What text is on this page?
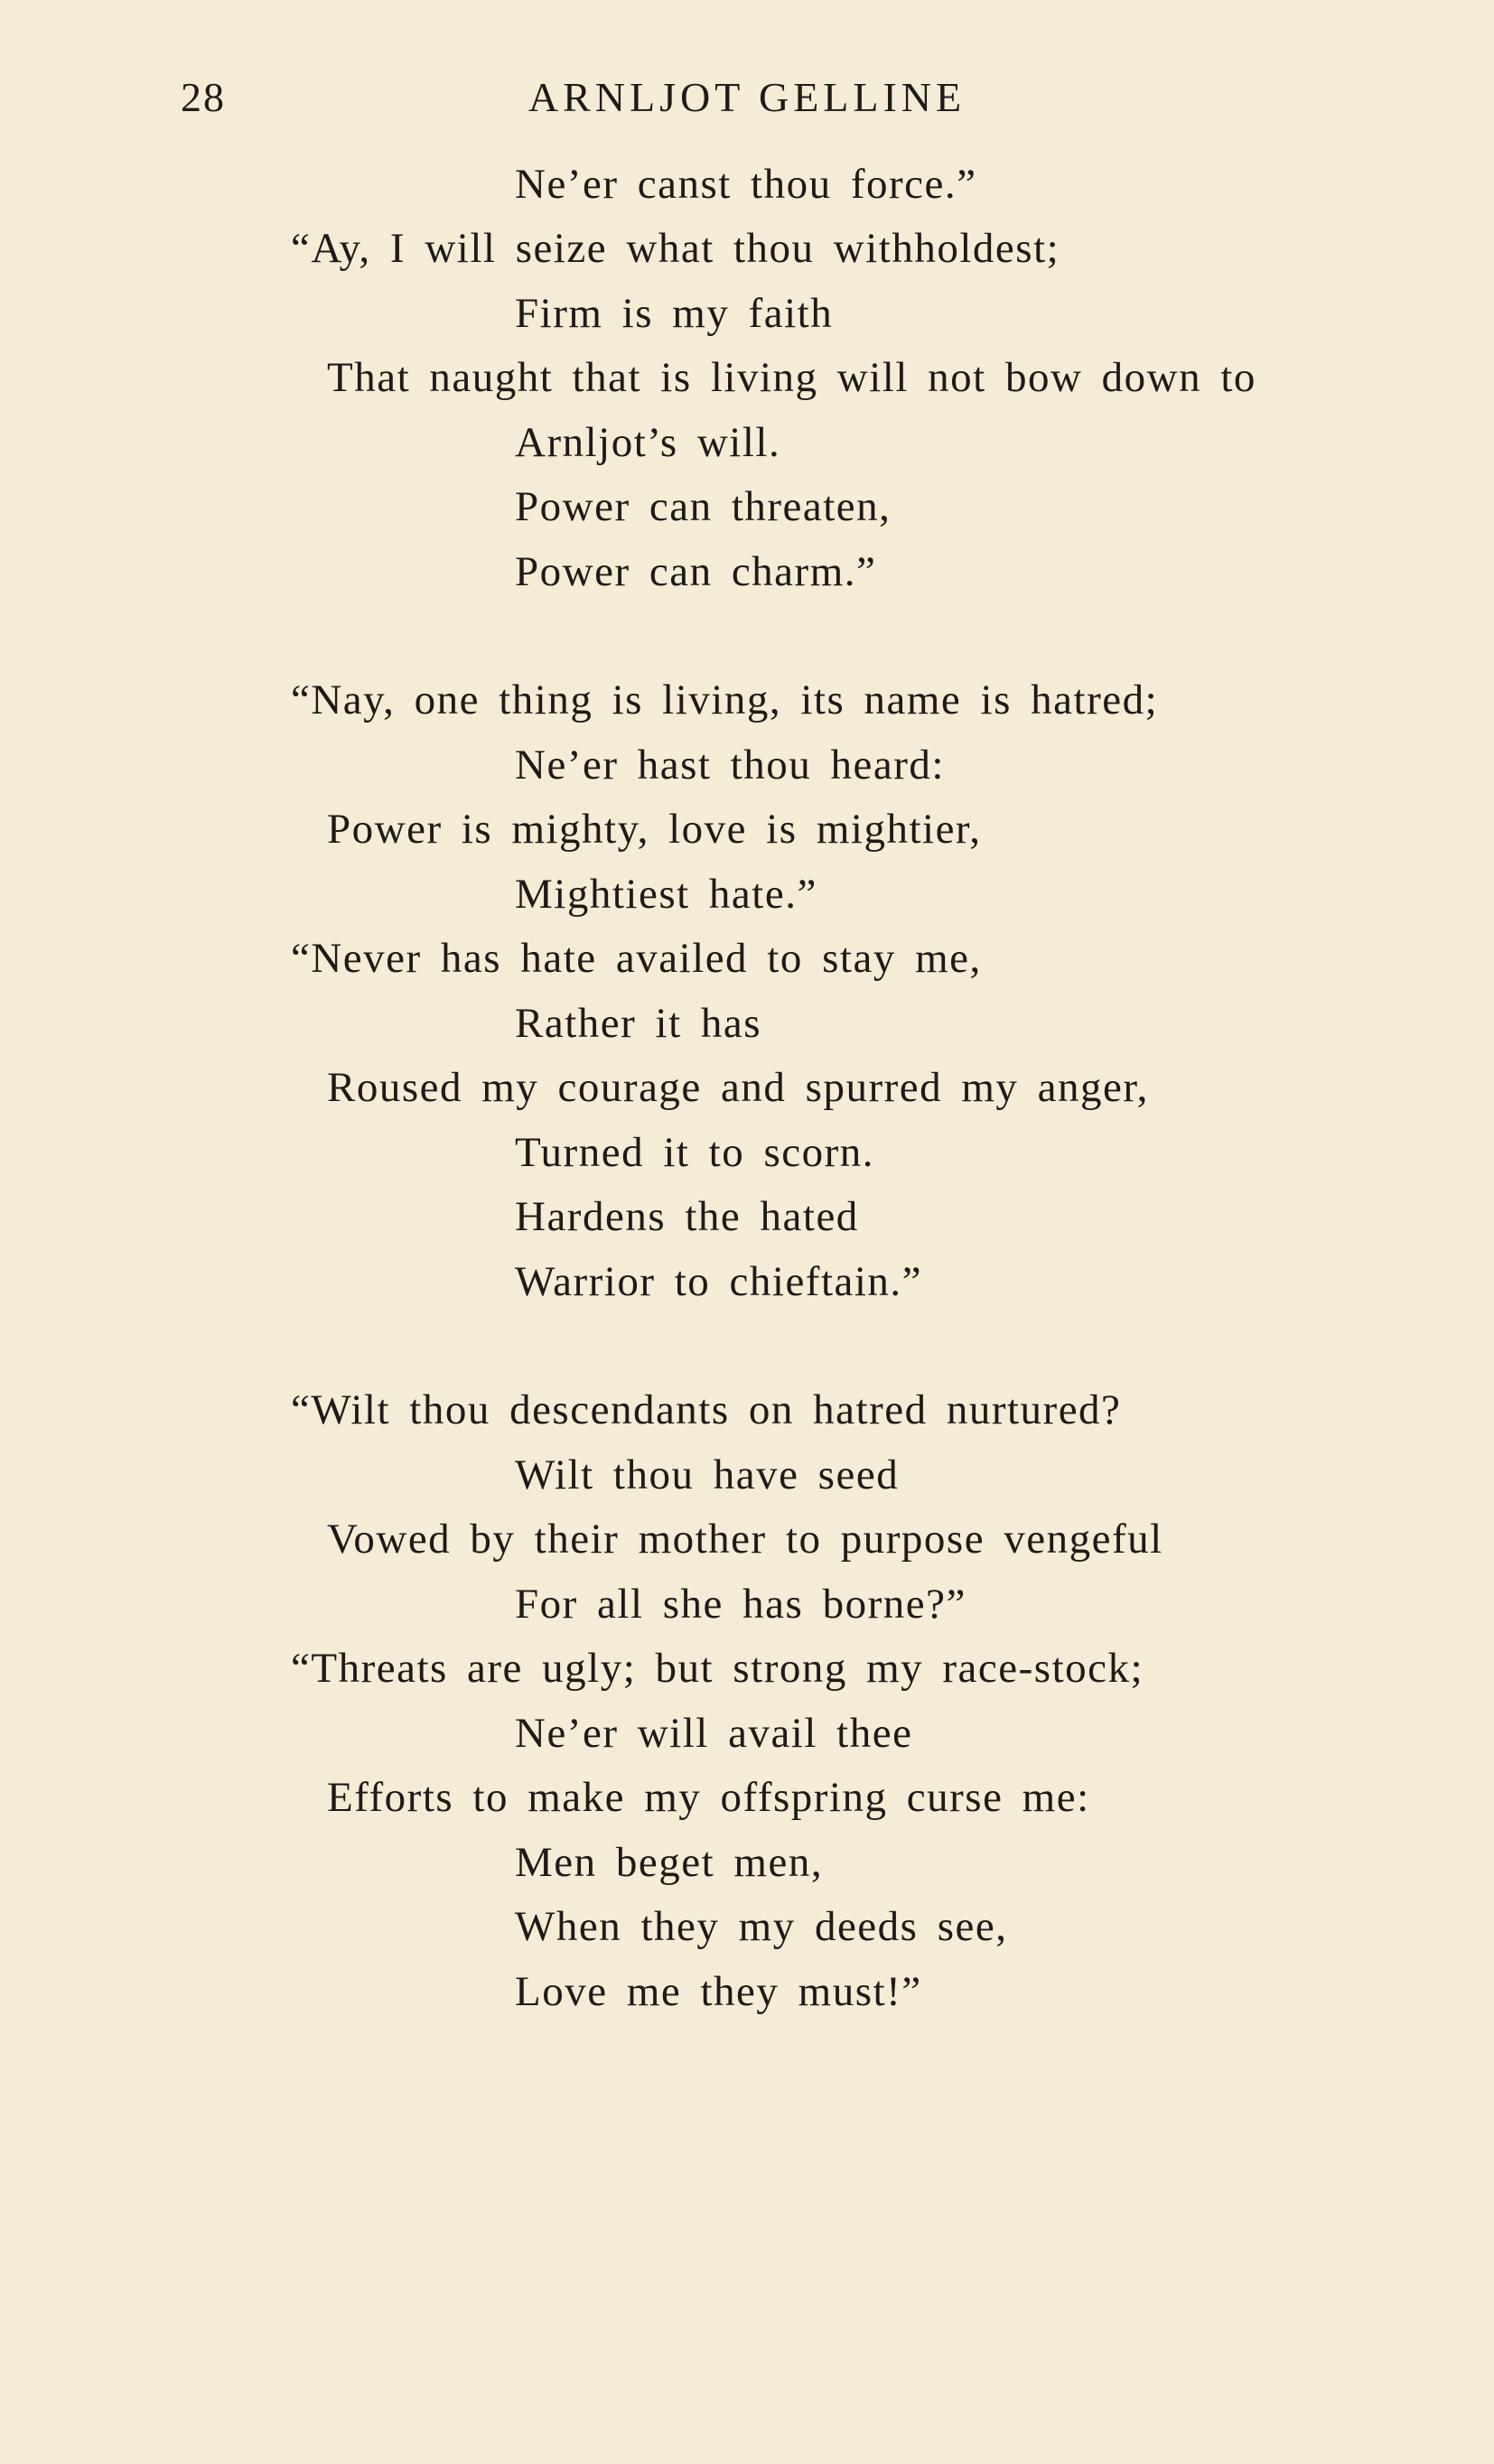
28	ARNLJOT GELLINE
Ne’er canst thou force.”
“Ay, I will seize what thou withholdest;
Firm is my faith
That naught that is living will not bow down to
Arnljot’s will.
Power can threaten,
Power can charm.”
“Nay, one thing is living, its name is hatred;
Ne’er hast thou heard:
Power is mighty, love is mightier,
Mightiest hate.”
“Never has hate availed to stay me,
Rather it has
Roused my courage and spurred my anger,
Turned it to scorn.
Hardens the hated
Warrior to chieftain.”
“Wilt thou descendants on hatred nurtured?
Wilt thou have seed
Vowed by their mother to purpose vengeful
For all she has borne?”
“Threats are ugly; but strong my race-stock;
Ne’er will avail thee
Efforts to make my offspring curse me:
Men beget men,
When they my deeds see,
Love me they must!”
